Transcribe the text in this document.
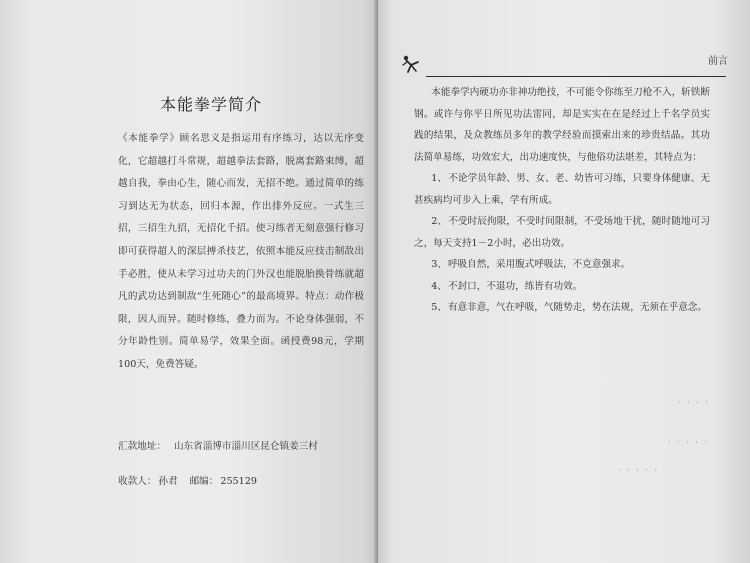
本能拳学简介
《本能拳学》顾名思义是指运用有序练习，达以无序变化，它超越打斗常规，超越拳法套路，脱离套路束缚，超越自我，拳由心生，随心而发，无招不绝。通过简单的练习到达无为状态，回归本源，作出排外反应。一式生三招，三招生九招，无招化千招。使习练者无刻意强行修习即可获得超人的深层搏杀技艺，依照本能反应技击制敌出手必胜，使从未学习过功夫的门外汉也能脱胎换骨练就超凡的武功达到制敌“生死随心”的最高境界。特点：动作极限，因人而异。随时修练，叠力而为。不论身体强弱，不分年龄性别。简单易学，效果全面。函授费98元，学期100天，免费答疑。
汇款地址： 山东省淄博市淄川区昆仑镇姜三村
收款人： 孙君 邮编： 255129
前言
本能拳学内硬功亦非神功绝技，不可能令你练至刀枪不入，斩铁断钢。或许与你平日所见功法雷同，却是实实在在是经过上千名学员实践的结果，及众教练员多年的教学经验而摸索出来的珍贵结晶。其功法简单易练，功效宏大，出功速度快，与他俗功法堪差，其特点为：
1、不论学员年龄、男、女、老、幼皆可习练，只要身体健康、无甚疾病均可步入上乘，学有所成。
2、不受时辰拘限，不受时间限制，不受场地干扰，随时随地可习之，每天支持1－2小时，必出功效。
3、呼吸自然，采用腹式呼吸法，不克意强求。
4、不封口，不退功，练皆有功效。
5、有意非意，气在呼吸，气随势走，势在法规，无须在乎意念。
· · · ·
· · · · ·
· · · · ·
